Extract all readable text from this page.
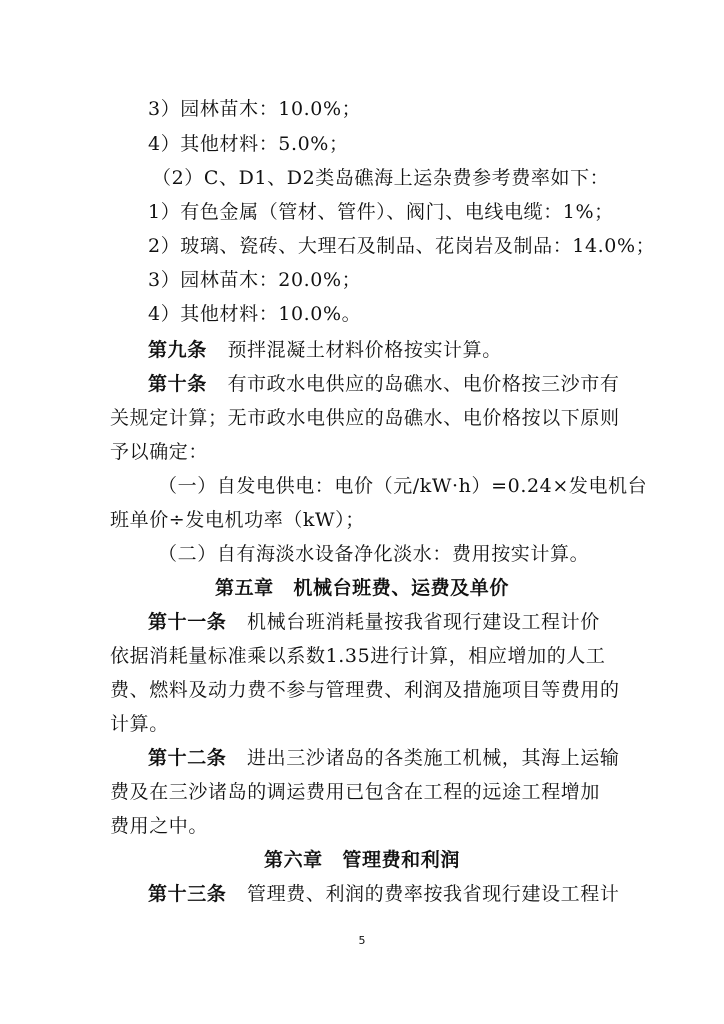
3）园林苗木：10.0%；
4）其他材料：5.0%；
（2）C、D1、D2类岛礁海上运杂费参考费率如下：
1）有色金属（管材、管件）、阀门、电线电缆：1%；
2）玻璃、瓷砖、大理石及制品、花岗岩及制品：14.0%；
3）园林苗木：20.0%；
4）其他材料：10.0%。
第九条 预拌混凝土材料价格按实计算。
第十条 有市政水电供应的岛礁水、电价格按三沙市有
关规定计算；无市政水电供应的岛礁水、电价格按以下原则
予以确定：
（一）自发电供电：电价（元/kW·h）=0.24×发电机台
班单价÷发电机功率（kW）；
（二）自有海淡水设备净化淡水：费用按实计算。
第五章　机械台班费、运费及单价
第十一条 机械台班消耗量按我省现行建设工程计价
依据消耗量标准乘以系数1.35进行计算，相应增加的人工
费、燃料及动力费不参与管理费、利润及措施项目等费用的
计算。
第十二条 进出三沙诸岛的各类施工机械，其海上运输
费及在三沙诸岛的调运费用已包含在工程的远途工程增加
费用之中。
第六章　管理费和利润
第十三条 管理费、利润的费率按我省现行建设工程计
5
